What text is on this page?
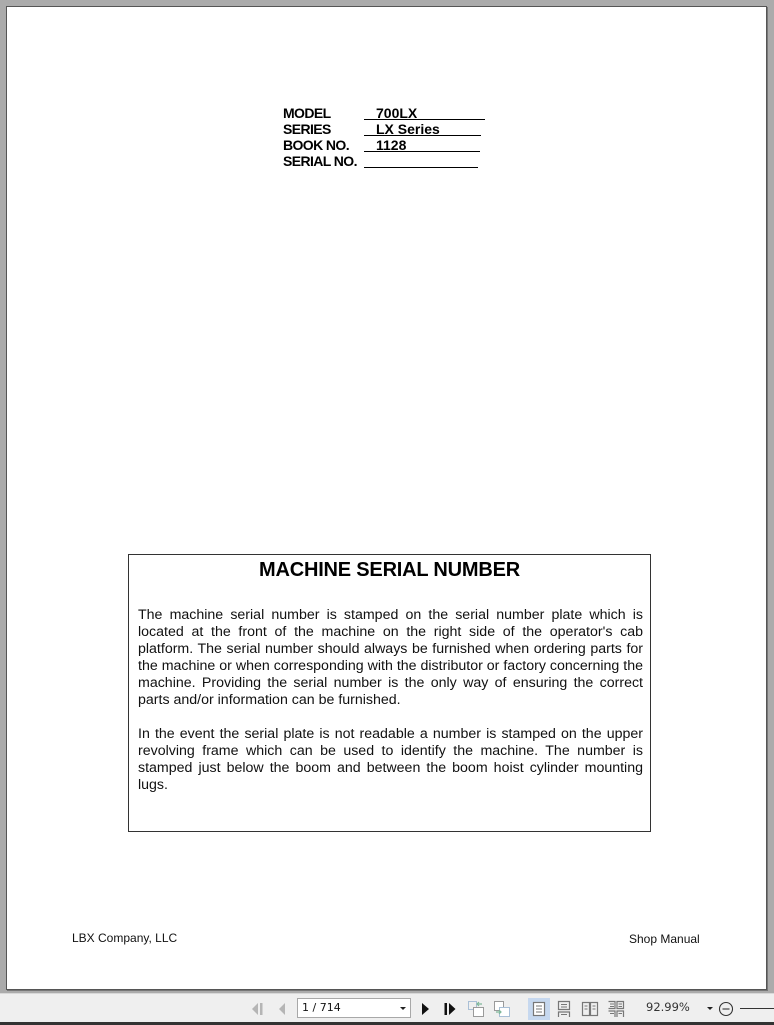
MODEL	700LX
SERIES	LX Series
BOOK NO.	1128
SERIAL NO.
MACHINE SERIAL NUMBER
The machine serial number is stamped on the serial number plate which is located at the front of the machine on the right side of the operator's cab platform. The serial number should always be furnished when ordering parts for the machine or when corresponding with the distributor or factory concerning the machine. Providing the serial number is the only way of ensuring the correct parts and/or information can be furnished.
In the event the serial plate is not readable a number is stamped on the upper revolving frame which can be used to identify the machine. The number is stamped just below the boom and between the boom hoist cylinder mounting lugs.
LBX Company, LLC	Shop Manual
1 / 714	92.99%
